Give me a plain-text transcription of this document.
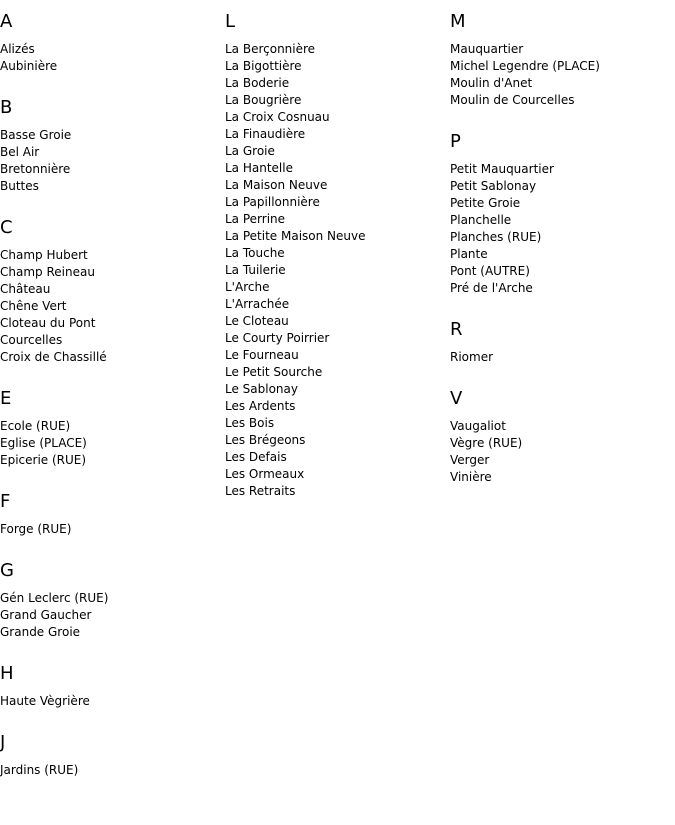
A
Alizés
Aubinière
B
Basse Groie
Bel Air
Bretonnière
Buttes
C
Champ Hubert
Champ Reineau
Château
Chêne Vert
Cloteau du Pont
Courcelles
Croix de Chassillé
E
Ecole (RUE)
Eglise (PLACE)
Epicerie (RUE)
F
Forge (RUE)
G
Gén Leclerc (RUE)
Grand Gaucher
Grande Groie
H
Haute Vègrière
J
Jardins (RUE)
L
La Berçonnière
La Bigottière
La Boderie
La Bougrière
La Croix Cosnuau
La Finaudière
La Groie
La Hantelle
La Maison Neuve
La Papillonnière
La Perrine
La Petite Maison Neuve
La Touche
La Tuilerie
L'Arche
L'Arrachée
Le Cloteau
Le Courty Poirrier
Le Fourneau
Le Petit Sourche
Le Sablonay
Les Ardents
Les Bois
Les Brégeons
Les Defais
Les Ormeaux
Les Retraits
M
Mauquartier
Michel Legendre (PLACE)
Moulin d'Anet
Moulin de Courcelles
P
Petit Mauquartier
Petit Sablonay
Petite Groie
Planchelle
Planches (RUE)
Plante
Pont (AUTRE)
Pré de l'Arche
R
Riomer
V
Vaugaliot
Vègre (RUE)
Verger
Vinière
